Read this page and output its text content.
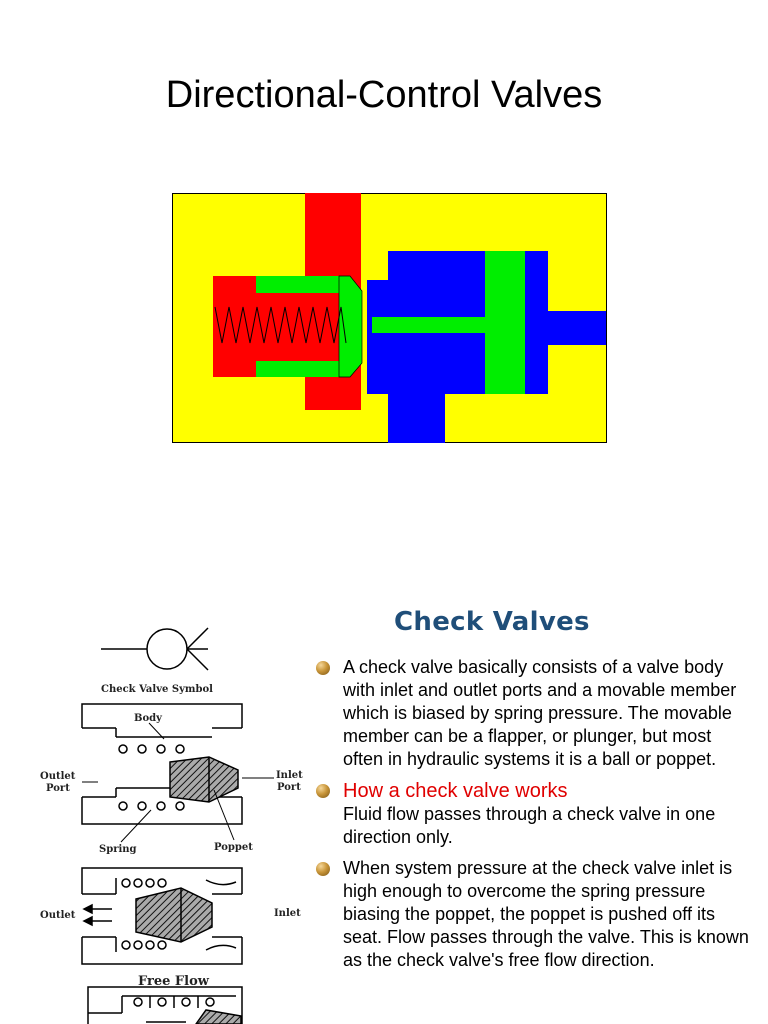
Directional-Control Valves
Check Valve Symbol
Body
Outlet
Port
Inlet
Port
Spring	Poppet
Outlet	Inlet
Free Flow
Check Valves
A check valve basically consists of a valve body with inlet and outlet ports and a movable member which is biased by spring pressure. The movable member can be a flapper, or plunger, but most often in hydraulic systems it is a ball or poppet.
How a check valve works
Fluid flow passes through a check valve in one direction only.
When system pressure at the check valve inlet is high enough to overcome the spring pressure biasing the poppet, the poppet is pushed off its seat. Flow passes through the valve. This is known as the check valve's free flow direction.
